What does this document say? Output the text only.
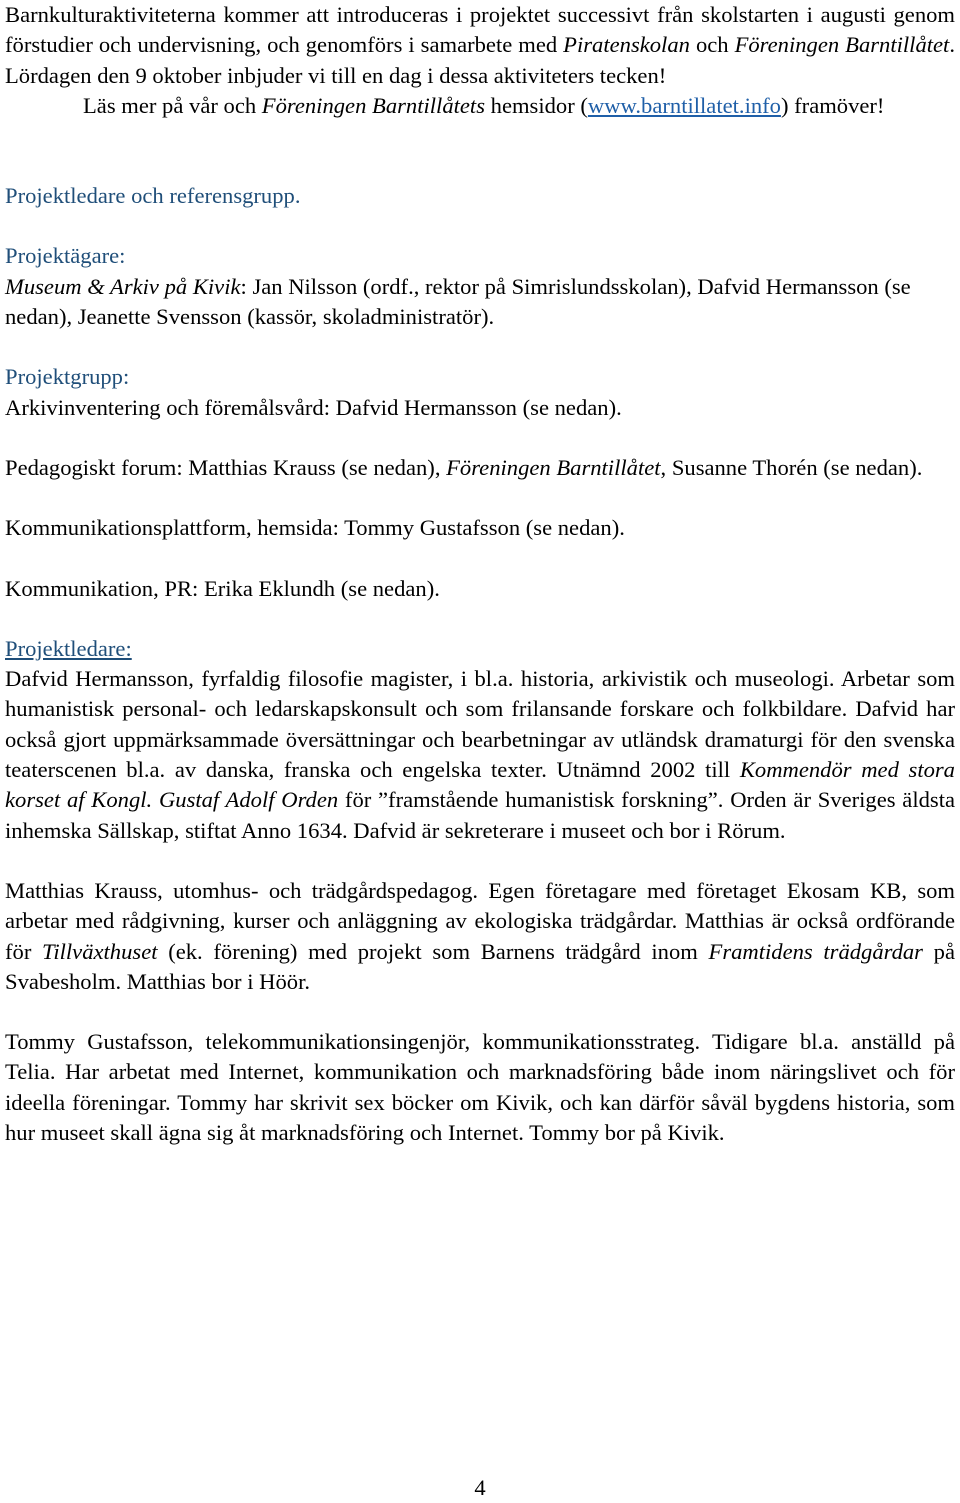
Barnkulturaktiviteterna kommer att introduceras i projektet successivt från skolstarten i augusti genom förstudier och undervisning, och genomförs i samarbete med Piratenskolan och Föreningen Barntillåtet. Lördagen den 9 oktober inbjuder vi till en dag i dessa aktiviteters tecken!

Läs mer på vår och Föreningen Barntillåtets hemsidor (www.barntillatet.info) framöver!

Projektledare och referensgrupp.

Projektägare:

Museum & Arkiv på Kivik: Jan Nilsson (ordf., rektor på Simrislundsskolan), Dafvid Hermansson (se nedan), Jeanette Svensson (kassör, skoladministratör).

Projektgrupp:

Arkivinventering och föremålsvård: Dafvid Hermansson (se nedan).

Pedagogiskt forum: Matthias Krauss (se nedan), Föreningen Barntillåtet, Susanne Thorén (se nedan).

Kommunikationsplattform, hemsida: Tommy Gustafsson (se nedan).

Kommunikation, PR: Erika Eklundh (se nedan).

Projektledare:

Dafvid Hermansson, fyrfaldig filosofie magister, i bl.a. historia, arkivistik och museologi. Arbetar som humanistisk personal- och ledarskapskonsult och som frilansande forskare och folkbildare. Dafvid har också gjort uppmärksammade översättningar och bearbetningar av utländsk dramaturgi för den svenska teaterscenen bl.a. av danska, franska och engelska texter. Utnämnd 2002 till Kommendör med stora korset af Kongl. Gustaf Adolf Orden för ”framstående humanistisk forskning”. Orden är Sveriges äldsta inhemska Sällskap, stiftat Anno 1634. Dafvid är sekreterare i museet och bor i Rörum.

Matthias Krauss, utomhus- och trädgårdspedagog. Egen företagare med företaget Ekosam KB, som arbetar med rådgivning, kurser och anläggning av ekologiska trädgårdar. Matthias är också ordförande för Tillväxthuset (ek. förening) med projekt som Barnens trädgård inom Framtidens trädgårdar på Svabesholm. Matthias bor i Höör.

Tommy Gustafsson, telekommunikationsingenjör, kommunikationsstrateg. Tidigare bl.a. anställd på Telia. Har arbetat med Internet, kommunikation och marknadsföring både inom näringslivet och för ideella föreningar. Tommy har skrivit sex böcker om Kivik, och kan därför såväl bygdens historia, som hur museet skall ägna sig åt marknadsföring och Internet. Tommy bor på Kivik.

4
